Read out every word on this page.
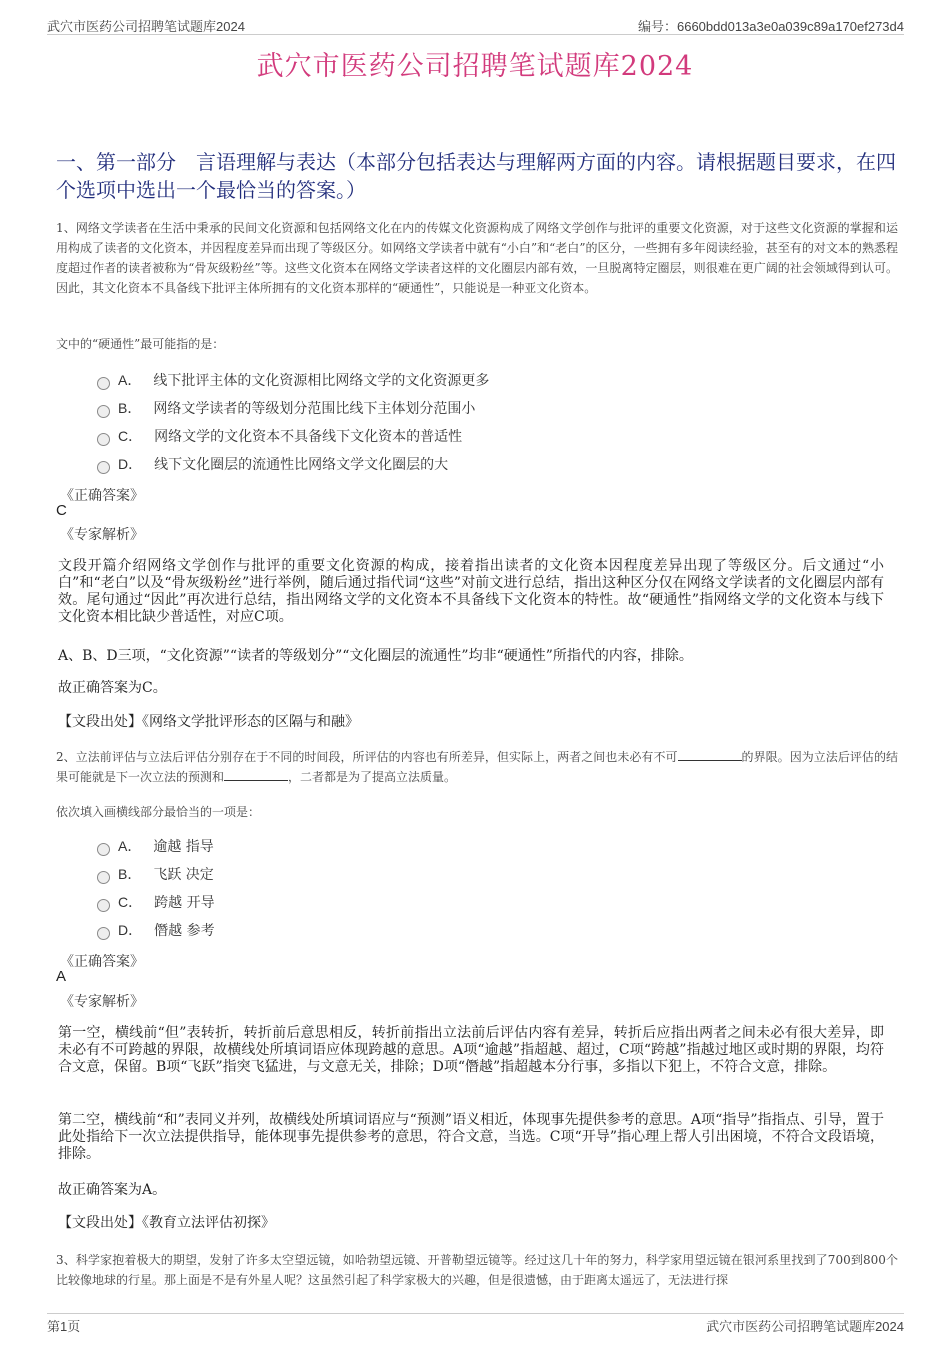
武穴市医药公司招聘笔试题库2024	编号：6660bdd013a3e0a039c89a170ef273d4
武穴市医药公司招聘笔试题库2024
一、第一部分　言语理解与表达（本部分包括表达与理解两方面的内容。请根据题目要求，在四个选项中选出一个最恰当的答案。）
1、网络文学读者在生活中秉承的民间文化资源和包括网络文化在内的传媒文化资源构成了网络文学创作与批评的重要文化资源，对于这些文化资源的掌握和运用构成了读者的文化资本，并因程度差异而出现了等级区分。如网络文学读者中就有“小白”和“老白”的区分，一些拥有多年阅读经验，甚至有的对文本的熟悉程度超过作者的读者被称为“骨灰级粉丝”等。这些文化资本在网络文学读者这样的文化圈层内部有效，一旦脱离特定圈层，则很难在更广阔的社会领域得到认可。因此，其文化资本不具备线下批评主体所拥有的文化资本那样的“硬通性”，只能说是一种亚文化资本。
文中的“硬通性”最可能指的是：
A． 线下批评主体的文化资源相比网络文学的文化资源更多
B． 网络文学读者的等级划分范围比线下主体划分范围小
C． 网络文学的文化资本不具备线下文化资本的普适性
D． 线下文化圈层的流通性比网络文学文化圈层的大
《正确答案》
C
《专家解析》
文段开篇介绍网络文学创作与批评的重要文化资源的构成，接着指出读者的文化资本因程度差异出现了等级区分。后文通过“小白”和“老白”以及“骨灰级粉丝”进行举例，随后通过指代词“这些”对前文进行总结，指出这种区分仅在网络文学读者的文化圈层内部有效。尾句通过“因此”再次进行总结，指出网络文学的文化资本不具备线下文化资本的特性。故“硬通性”指网络文学的文化资本与线下文化资本相比缺少普适性，对应C项。
A、B、D三项，“文化资源”“读者的等级划分”“文化圈层的流通性”均非“硬通性”所指代的内容，排除。
故正确答案为C。
【文段出处】《网络文学批评形态的区隔与和融》
2、立法前评估与立法后评估分别存在于不同的时间段，所评估的内容也有所差异，但实际上，两者之间也未必有不可	的界限。因为立法后评估的结果可能就是下一次立法的预测和	，二者都是为了提高立法质量。
依次填入画横线部分最恰当的一项是：
A． 逾越 指导
B． 飞跃 决定
C． 跨越 开导
D． 僭越 参考
《正确答案》
A
《专家解析》
第一空，横线前“但”表转折，转折前后意思相反，转折前指出立法前后评估内容有差异，转折后应指出两者之间未必有很大差异，即未必有不可跨越的界限，故横线处所填词语应体现跨越的意思。A项“逾越”指超越、超过，C项“跨越”指越过地区或时期的界限，均符合文意，保留。B项“飞跃”指突飞猛进，与文意无关，排除；D项“僭越”指超越本分行事，多指以下犯上，不符合文意，排除。
第二空，横线前“和”表同义并列，故横线处所填词语应与“预测”语义相近，体现事先提供参考的意思。A项“指导”指指点、引导，置于此处指给下一次立法提供指导，能体现事先提供参考的意思，符合文意，当选。C项“开导”指心理上帮人引出困境，不符合文段语境，排除。
故正确答案为A。
【文段出处】《教育立法评估初探》
3、科学家抱着极大的期望，发射了许多太空望远镜，如哈勃望远镜、开普勒望远镜等。经过这几十年的努力，科学家用望远镜在银河系里找到了700到800个比较像地球的行星。那上面是不是有外星人呢？这虽然引起了科学家极大的兴趣，但是很遗憾，由于距离太遥远了，无法进行探
第1页	武穴市医药公司招聘笔试题库2024
